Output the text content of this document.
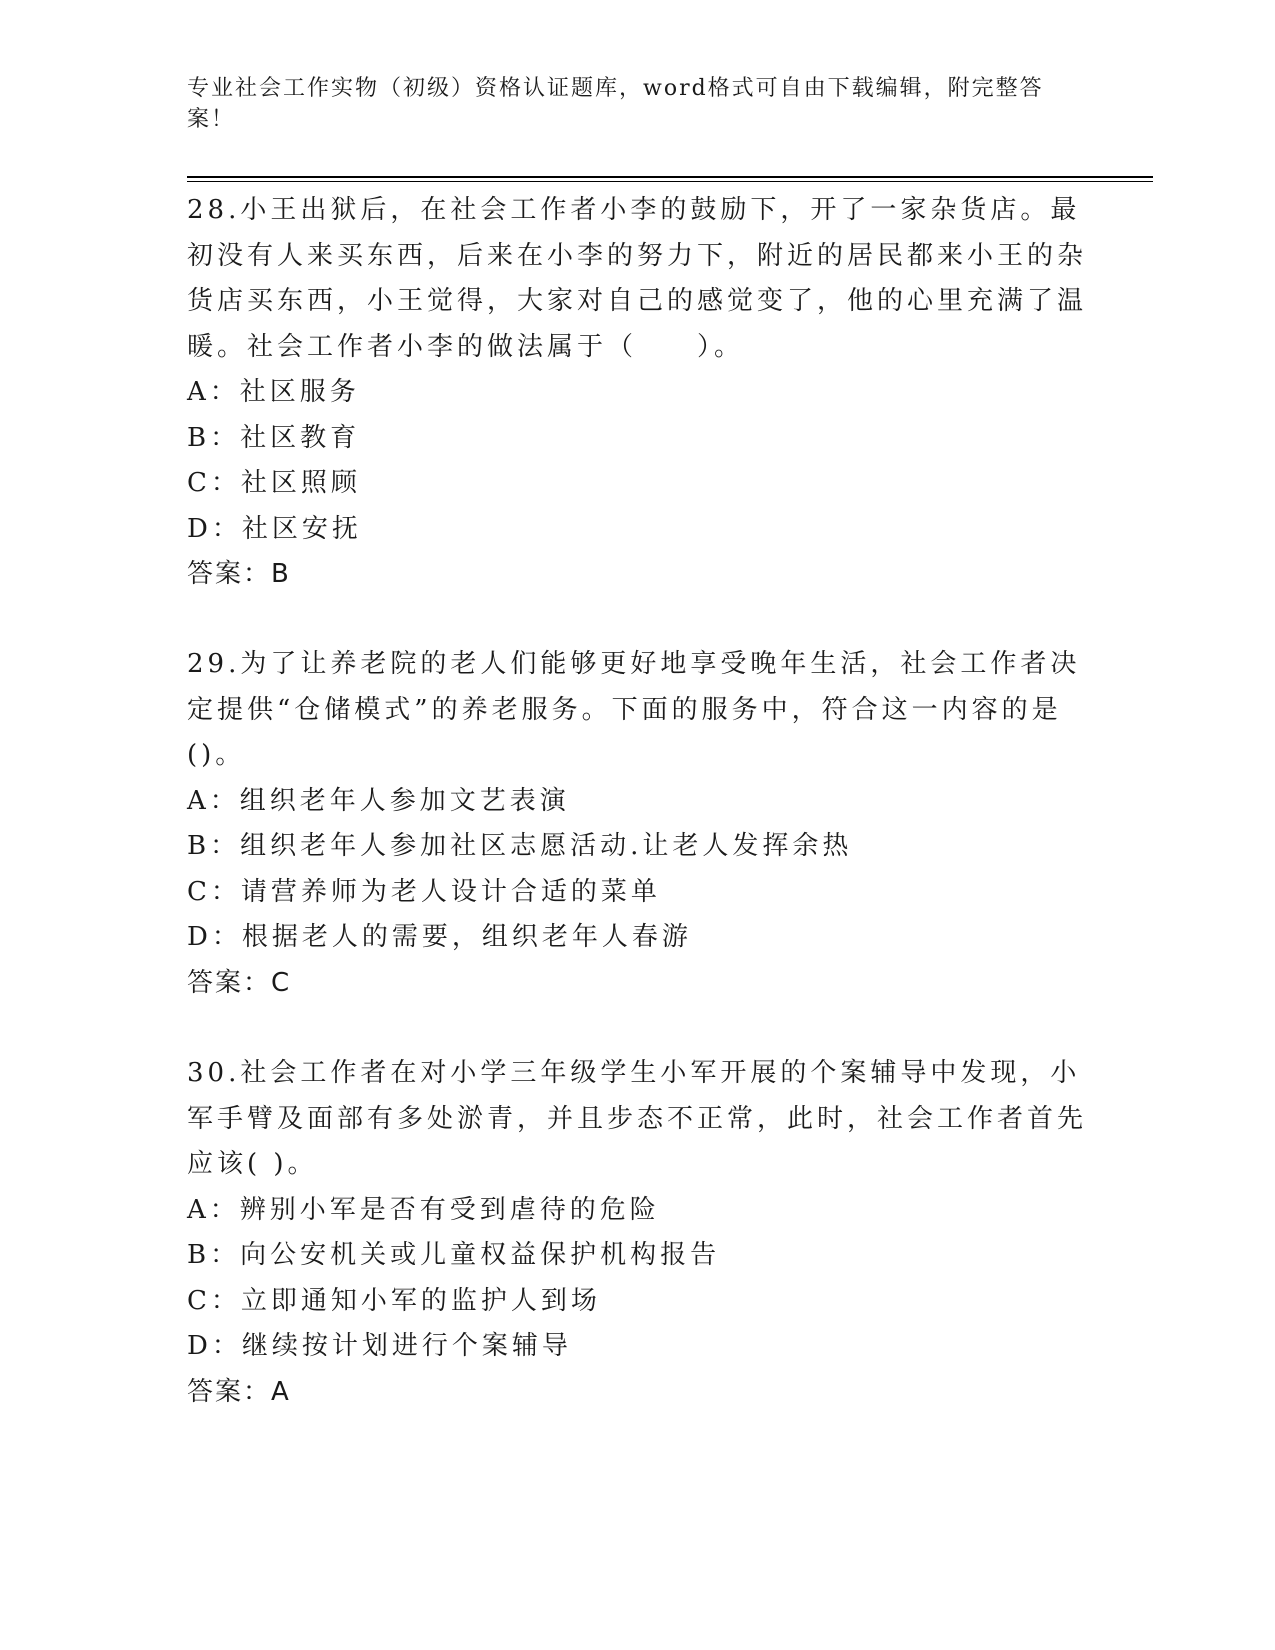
专业社会工作实物（初级）资格认证题库，word格式可自由下载编辑，附完整答案！
28.小王出狱后，在社会工作者小李的鼓励下，开了一家杂货店。最初没有人来买东西，后来在小李的努力下，附近的居民都来小王的杂货店买东西，小王觉得，大家对自己的感觉变了，他的心里充满了温暖。社会工作者小李的做法属于（　　）。
A：社区服务
B：社区教育
C：社区照顾
D：社区安抚
答案：B
29.为了让养老院的老人们能够更好地享受晚年生活，社会工作者决定提供“仓储模式”的养老服务。下面的服务中，符合这一内容的是()。
A：组织老年人参加文艺表演
B：组织老年人参加社区志愿活动.让老人发挥余热
C：请营养师为老人设计合适的菜单
D：根据老人的需要，组织老年人春游
答案：C
30.社会工作者在对小学三年级学生小军开展的个案辅导中发现，小军手臂及面部有多处淤青，并且步态不正常，此时，社会工作者首先应该( )。
A：辨别小军是否有受到虐待的危险
B：向公安机关或儿童权益保护机构报告
C：立即通知小军的监护人到场
D：继续按计划进行个案辅导
答案：A
